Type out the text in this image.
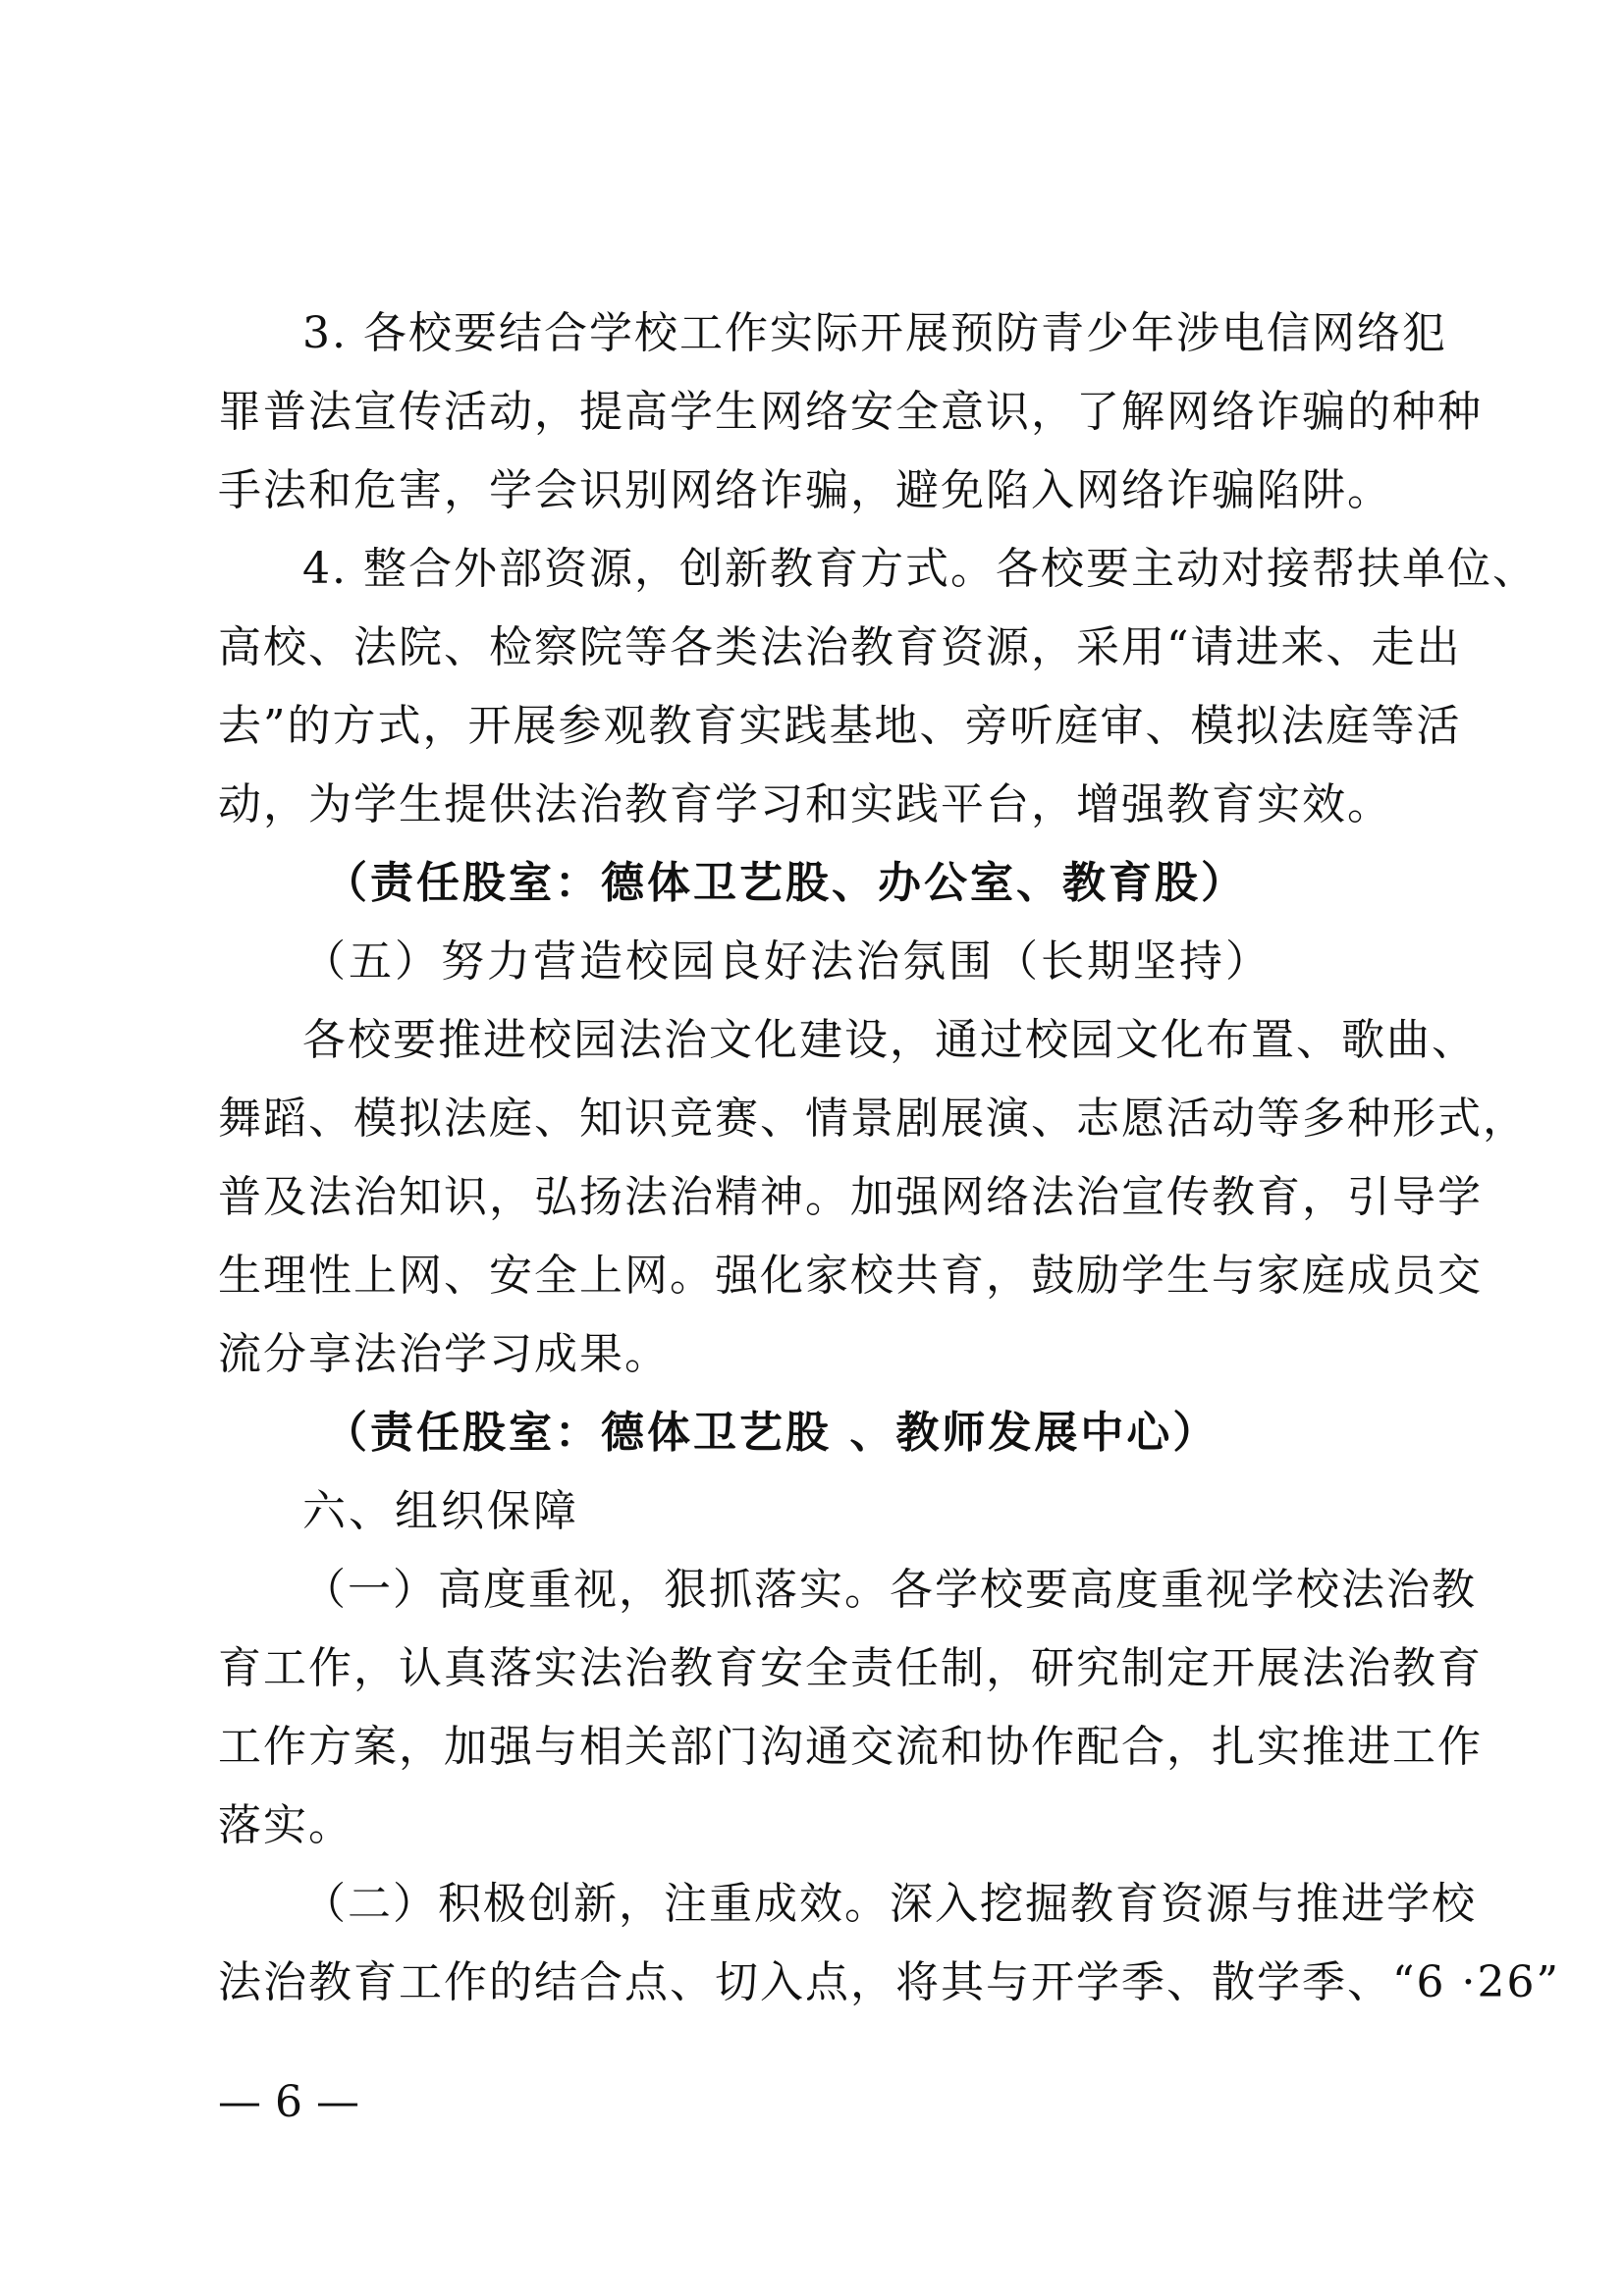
3. 各校要结合学校工作实际开展预防青少年涉电信网络犯
罪普法宣传活动，提高学生网络安全意识，了解网络诈骗的种种
手法和危害，学会识别网络诈骗，避免陷入网络诈骗陷阱。
4. 整合外部资源，创新教育方式。各校要主动对接帮扶单位、
高校、法院、检察院等各类法治教育资源，采用“请进来、走出
去”的方式，开展参观教育实践基地、旁听庭审、模拟法庭等活
动，为学生提供法治教育学习和实践平台，增强教育实效。
（责任股室：德体卫艺股、办公室、教育股）
（五）努力营造校园良好法治氛围（长期坚持）
各校要推进校园法治文化建设，通过校园文化布置、歌曲、
舞蹈、模拟法庭、知识竞赛、情景剧展演、志愿活动等多种形式，
普及法治知识，弘扬法治精神。加强网络法治宣传教育，引导学
生理性上网、安全上网。强化家校共育，鼓励学生与家庭成员交
流分享法治学习成果。
（责任股室：德体卫艺股 、教师发展中心）
六、组织保障
（一）高度重视，狠抓落实。各学校要高度重视学校法治教
育工作，认真落实法治教育安全责任制，研究制定开展法治教育
工作方案，加强与相关部门沟通交流和协作配合，扎实推进工作
落实。
（二）积极创新，注重成效。深入挖掘教育资源与推进学校
法治教育工作的结合点、切入点，将其与开学季、散学季、“6 ·26”
— 6 —
